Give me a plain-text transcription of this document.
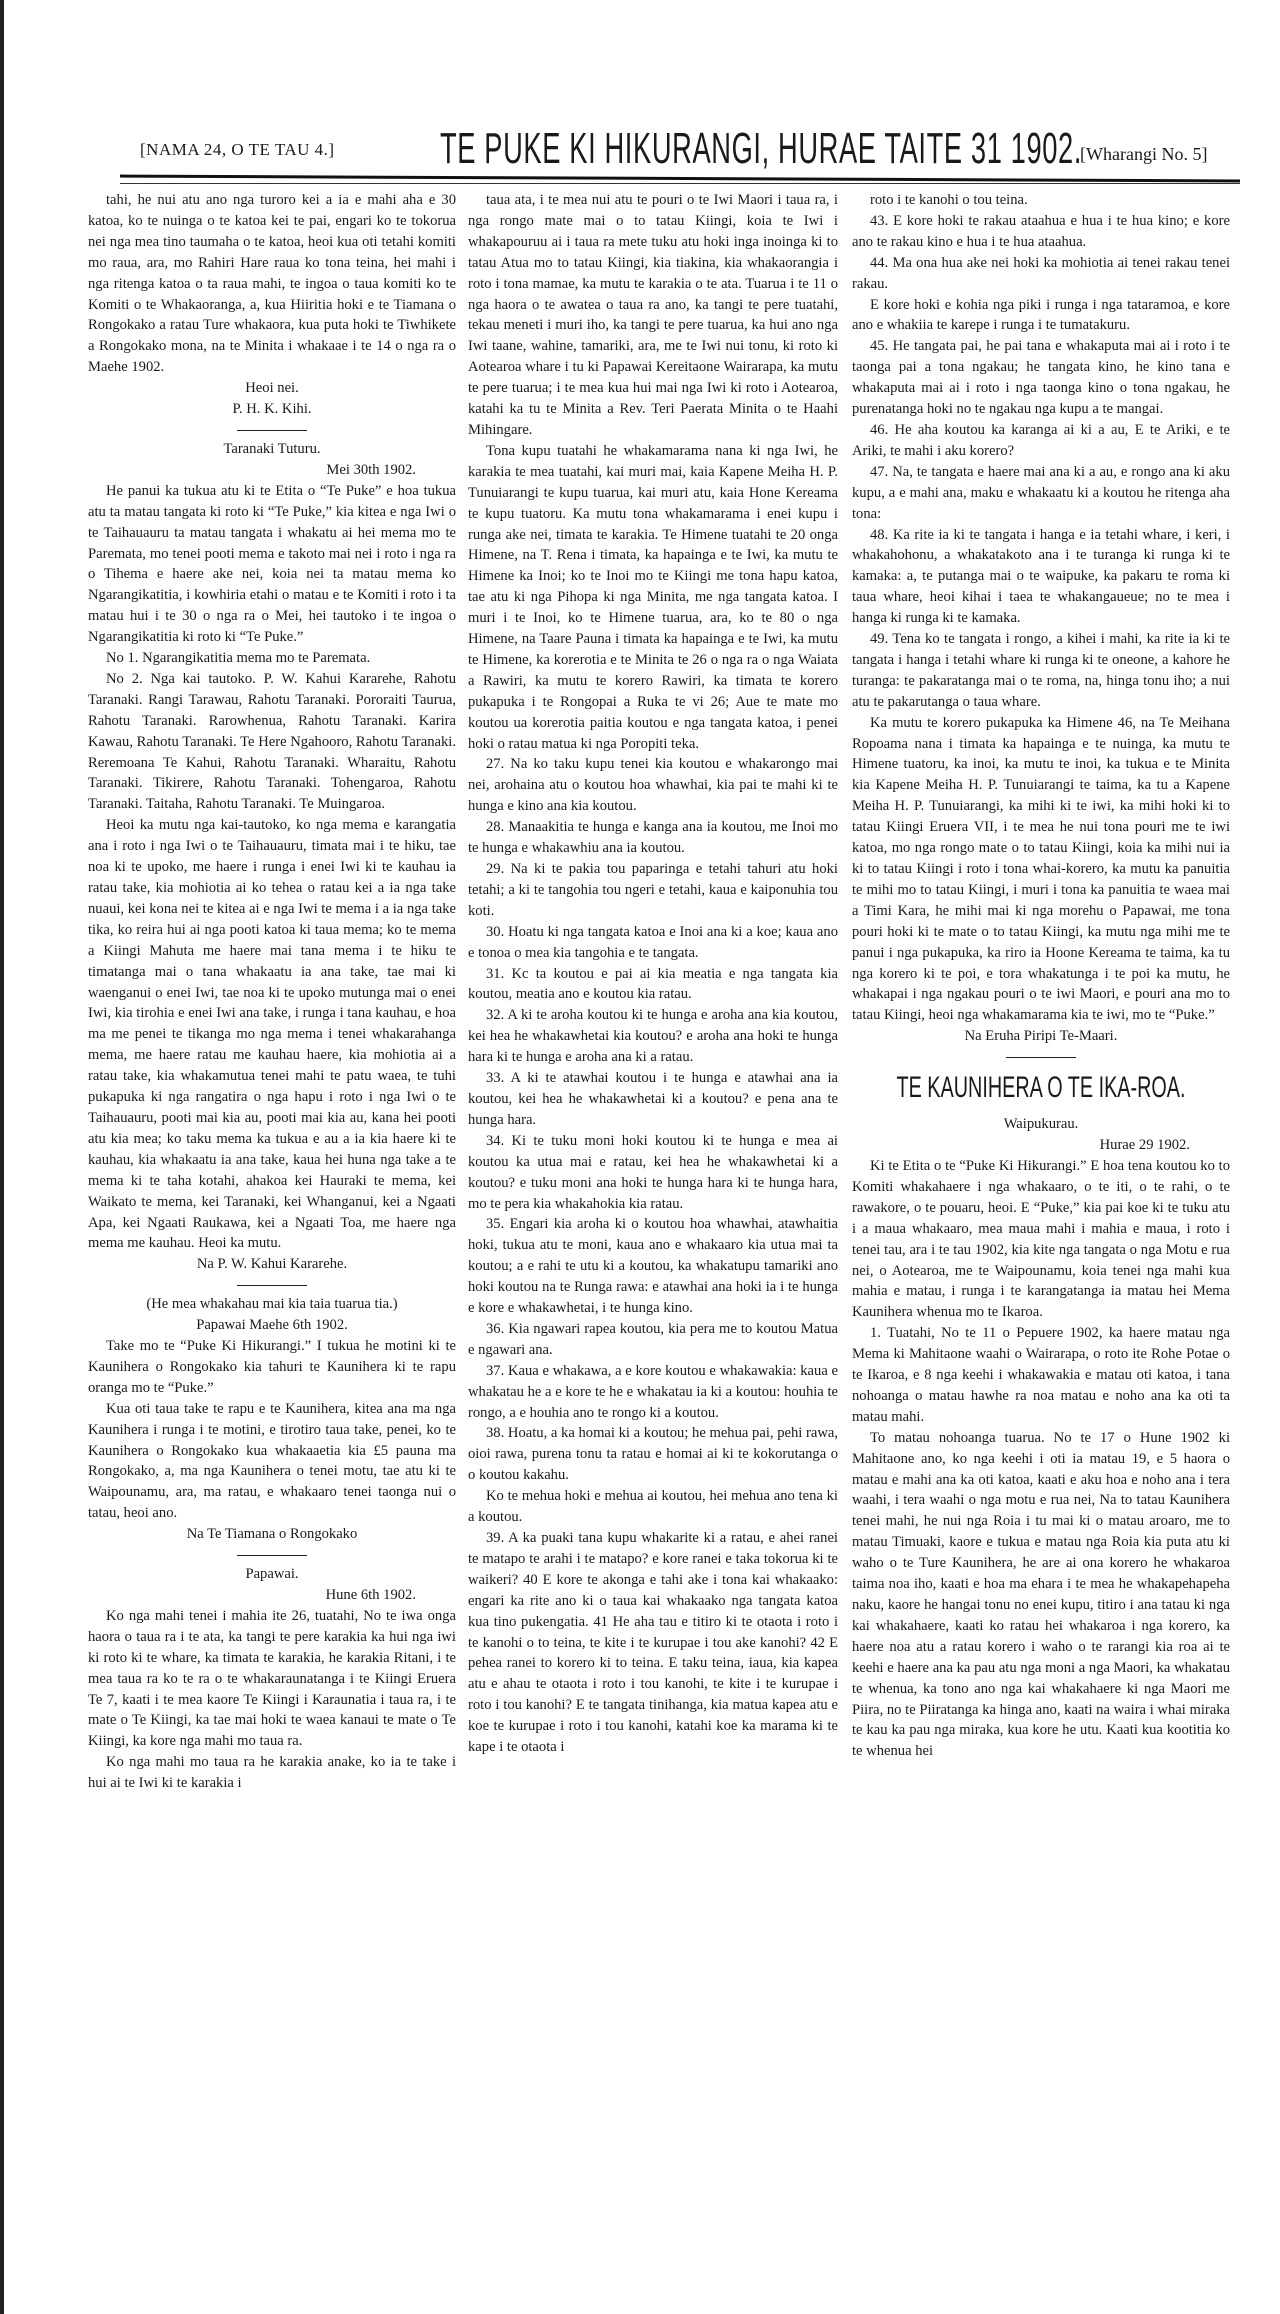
[NAMA 24, O TE TAU 4.] TE PUKE KI HIKURANGI, HURAE TAITE 31 1902.
[Wharangi No. 5]

tahi, he nui atu ano nga turoro kei a ia e mahi aha e 30 katoa, ko te nuinga o te katoa kei te pai, engari ko te tokorua nei nga mea tino taumaha o te katoa, heoi kua oti tetahi komiti mo raua, ara, mo Rahiri Hare raua ko tona teina, hei mahi i nga ritenga katoa o ta raua mahi, te ingoa o taua komiti ko te Komiti o te Whakaoranga, a, kua Hiiritia hoki e te Tiamana o Rongokako a ratau Ture whakaora, kua puta hoki te Tiwhikete a Rongokako mona, na te Minita i whakaae i te 14 o nga ra o Maehe 1902.

Heoi nei.

P. H. K. Kihi.

Taranaki Tuturu.

Mei 30th 1902.

He panui ka tukua atu ki te Etita o “Te Puke” e hoa tukua atu ta matau tangata ki roto ki “Te Puke,” kia kitea e nga Iwi o te Taihauauru ta matau tangata i whakatu ai hei mema mo te Paremata, mo tenei pooti mema e takoto mai nei i roto i nga ra o Tihema e haere ake nei, koia nei ta matau mema ko Ngarangikatitia, i kowhiria etahi o matau e te Komiti i roto i ta matau hui i te 30 o nga ra o Mei, hei tautoko i te ingoa o Ngarangikatitia ki roto ki “Te Puke.”

No 1. Ngarangikatitia mema mo te Paremata.

No 2. Nga kai tautoko. P. W. Kahui Kararehe, Rahotu Taranaki. Rangi Tarawau, Rahotu Taranaki. Pororaiti Taurua, Rahotu Taranaki. Rarowhenua, Rahotu Taranaki. Karira Kawau, Rahotu Taranaki. Te Here Ngahooro, Rahotu Taranaki. Reremoana Te Kahui, Rahotu Taranaki. Wharaitu, Rahotu Taranaki. Tikirere, Rahotu Taranaki. Tohengaroa, Rahotu Taranaki. Taitaha, Rahotu Taranaki. Te Muingaroa.

Heoi ka mutu nga kai-tautoko, ko nga mema e karangatia ana i roto i nga Iwi o te Taihauauru, timata mai i te hiku, tae noa ki te upoko, me haere i runga i enei Iwi ki te kauhau ia ratau take, kia mohiotia ai ko tehea o ratau kei a ia nga take nuaui, kei kona nei te kitea ai e nga Iwi te mema i a ia nga take tika, ko reira hui ai nga pooti katoa ki taua mema; ko te mema a Kiingi Mahuta me haere mai tana mema i te hiku te timatanga mai o tana whakaatu ia ana take, tae mai ki waenganui o enei Iwi, tae noa ki te upoko mutunga mai o enei Iwi, kia tirohia e enei Iwi ana take, i runga i tana kauhau, e hoa ma me penei te tikanga mo nga mema i tenei whakarahanga mema, me haere ratau me kauhau haere, kia mohiotia ai a ratau take, kia whakamutua tenei mahi te patu waea, te tuhi pukapuka ki nga rangatira o nga hapu i roto i nga Iwi o te Taihauauru, pooti mai kia au, pooti mai kia au, kana hei pooti atu kia mea; ko taku mema ka tukua e au a ia kia haere ki te kauhau, kia whakaatu ia ana take, kaua hei huna nga take a te mema ki te taha kotahi, ahakoa kei Hauraki te mema, kei Waikato te mema, kei Taranaki, kei Whanganui, kei a Ngaati Apa, kei Ngaati Raukawa, kei a Ngaati Toa, me haere nga mema me kauhau. Heoi ka mutu.

Na P. W. Kahui Kararehe.

(He mea whakahau mai kia taia tuarua tia.)

Papawai Maehe 6th 1902.

Take mo te “Puke Ki Hikurangi.” I tukua he motini ki te Kaunihera o Rongokako kia tahuri te Kaunihera ki te rapu oranga mo te “Puke.”

Kua oti taua take te rapu e te Kaunihera, kitea ana ma nga Kaunihera i runga i te motini, e tirotiro taua take, penei, ko te Kaunihera o Rongokako kua whakaaetia kia £5 pauna ma Rongokako, a, ma nga Kaunihera o tenei motu, tae atu ki te Waipounamu, ara, ma ratau, e whakaaro tenei taonga nui o tatau, heoi ano.

Na Te Tiamana o Rongokako

Papawai.

Hune 6th 1902.

Ko nga mahi tenei i mahia ite 26, tuatahi, No te iwa onga haora o taua ra i te ata, ka tangi te pere karakia ka hui nga iwi ki roto ki te whare, ka timata te karakia, he karakia Ritani, i te mea taua ra ko te ra o te whakaraunatanga i te Kiingi Eruera Te 7, kaati i te mea kaore Te Kiingi i Karaunatia i taua ra, i te mate o Te Kiingi, ka tae mai hoki te waea kanaui te mate o Te Kiingi, ka kore nga mahi mo taua ra.

Ko nga mahi mo taua ra he karakia anake, ko ia te take i hui ai te Iwi ki te karakia i

taua ata, i te mea nui atu te pouri o te Iwi Maori i taua ra, i nga rongo mate mai o to tatau Kiingi, koia te Iwi i whakapouruu ai i taua ra mete tuku atu hoki inga inoinga ki to tatau Atua mo to tatau Kiingi, kia tiakina, kia whakaorangia i roto i tona mamae, ka mutu te karakia o te ata. Tuarua i te 11 o nga haora o te awatea o taua ra ano, ka tangi te pere tuatahi, tekau meneti i muri iho, ka tangi te pere tuarua, ka hui ano nga Iwi taane, wahine, tamariki, ara, me te Iwi nui tonu, ki roto ki Aotearoa whare i tu ki Papawai Kereitaone Wairarapa, ka mutu te pere tuarua; i te mea kua hui mai nga Iwi ki roto i Aotearoa, katahi ka tu te Minita a Rev. Teri Paerata Minita o te Haahi Mihingare.

Tona kupu tuatahi he whakamarama nana ki nga Iwi, he karakia te mea tuatahi, kai muri mai, kaia Kapene Meiha H. P. Tunuiarangi te kupu tuarua, kai muri atu, kaia Hone Kereama te kupu tuatoru. Ka mutu tona whakamarama i enei kupu i runga ake nei, timata te karakia. Te Himene tuatahi te 20 onga Himene, na T. Rena i timata, ka hapainga e te Iwi, ka mutu te Himene ka Inoi; ko te Inoi mo te Kiingi me tona hapu katoa, tae atu ki nga Pihopa ki nga Minita, me nga tangata katoa. I muri i te Inoi, ko te Himene tuarua, ara, ko te 80 o nga Himene, na Taare Pauna i timata ka hapainga e te Iwi, ka mutu te Himene, ka korerotia e te Minita te 26 o nga ra o nga Waiata a Rawiri, ka mutu te korero Rawiri, ka timata te korero pukapuka i te Rongopai a Ruka te vi 26; Aue te mate mo koutou ua korerotia paitia koutou e nga tangata katoa, i penei hoki o ratau matua ki nga Poropiti teka.

27. Na ko taku kupu tenei kia koutou e whakarongo mai nei, arohaina atu o koutou hoa whawhai, kia pai te mahi ki te hunga e kino ana kia koutou.

28. Manaakitia te hunga e kanga ana ia koutou, me Inoi mo te hunga e whakawhiu ana ia koutou.

29. Na ki te pakia tou paparinga e tetahi tahuri atu hoki tetahi; a ki te tangohia tou ngeri e tetahi, kaua e kaiponuhia tou koti.

30. Hoatu ki nga tangata katoa e Inoi ana ki a koe; kaua ano e tonoa o mea kia tangohia e te tangata.

31. Kc ta koutou e pai ai kia meatia e nga tangata kia koutou, meatia ano e koutou kia ratau.

32. A ki te aroha koutou ki te hunga e aroha ana kia koutou, kei hea he whakawhetai kia koutou? e aroha ana hoki te hunga hara ki te hunga e aroha ana ki a ratau.

33. A ki te atawhai koutou i te hunga e atawhai ana ia koutou, kei hea he whakawhetai ki a koutou? e pena ana te hunga hara.

34. Ki te tuku moni hoki koutou ki te hunga e mea ai koutou ka utua mai e ratau, kei hea he whakawhetai ki a koutou? e tuku moni ana hoki te hunga hara ki te hunga hara, mo te pera kia whakahokia kia ratau.

35. Engari kia aroha ki o koutou hoa whawhai, atawhaitia hoki, tukua atu te moni, kaua ano e whakaaro kia utua mai ta koutou; a e rahi te utu ki a koutou, ka whakatupu tamariki ano hoki koutou na te Runga rawa: e atawhai ana hoki ia i te hunga e kore e whakawhetai, i te hunga kino.

36. Kia ngawari rapea koutou, kia pera me to koutou Matua e ngawari ana.

37. Kaua e whakawa, a e kore koutou e whakawakia: kaua e whakatau he a e kore te he e whakatau ia ki a koutou: houhia te rongo, a e houhia ano te rongo ki a koutou.

38. Hoatu, a ka homai ki a koutou; he mehua pai, pehi rawa, oioi rawa, purena tonu ta ratau e homai ai ki te kokorutanga o o koutou kakahu.

Ko te mehua hoki e mehua ai koutou, hei mehua ano tena ki a koutou.

39. A ka puaki tana kupu whakarite ki a ratau, e ahei ranei te matapo te arahi i te matapo? e kore ranei e taka tokorua ki te waikeri? 40 E kore te akonga e tahi ake i tona kai whakaako: engari ka rite ano ki o taua kai whakaako nga tangata katoa kua tino pukengatia. 41 He aha tau e titiro ki te otaota i roto i te kanohi o to teina, te kite i te kurupae i tou ake kanohi? 42 E pehea ranei to korero ki to teina. E taku teina, iaua, kia kapea atu e ahau te otaota i roto i tou kanohi, te kite i te kurupae i roto i tou kanohi? E te tangata tinihanga, kia matua kapea atu e koe te kurupae i roto i tou kanohi, katahi koe ka marama ki te kape i te otaota i

roto i te kanohi o tou teina.

43. E kore hoki te rakau ataahua e hua i te hua kino; e kore ano te rakau kino e hua i te hua ataahua.

44. Ma ona hua ake nei hoki ka mohiotia ai tenei rakau tenei rakau.

E kore hoki e kohia nga piki i runga i nga tataramoa, e kore ano e whakiia te karepe i runga i te tumatakuru.

45. He tangata pai, he pai tana e whakaputa mai ai i roto i te taonga pai a tona ngakau; he tangata kino, he kino tana e whakaputa mai ai i roto i nga taonga kino o tona ngakau, he purenatanga hoki no te ngakau nga kupu a te mangai.

46. He aha koutou ka karanga ai ki a au, E te Ariki, e te Ariki, te mahi i aku korero?

47. Na, te tangata e haere mai ana ki a au, e rongo ana ki aku kupu, a e mahi ana, maku e whakaatu ki a koutou he ritenga aha tona:

48. Ka rite ia ki te tangata i hanga e ia tetahi whare, i keri, i whakahohonu, a whakatakoto ana i te turanga ki runga ki te kamaka: a, te putanga mai o te waipuke, ka pakaru te roma ki taua whare, heoi kihai i taea te whakangaueue; no te mea i hanga ki runga ki te kamaka.

49. Tena ko te tangata i rongo, a kihei i mahi, ka rite ia ki te tangata i hanga i tetahi whare ki runga ki te oneone, a kahore he turanga: te pakaratanga mai o te roma, na, hinga tonu iho; a nui atu te pakarutanga o taua whare.

Ka mutu te korero pukapuka ka Himene 46, na Te Meihana Ropoama nana i timata ka hapainga e te nuinga, ka mutu te Himene tuatoru, ka inoi, ka mutu te inoi, ka tukua e te Minita kia Kapene Meiha H. P. Tunuiarangi te taima, ka tu a Kapene Meiha H. P. Tunuiarangi, ka mihi ki te iwi, ka mihi hoki ki to tatau Kiingi Eruera VII, i te mea he nui tona pouri me te iwi katoa, mo nga rongo mate o to tatau Kiingi, koia ka mihi nui ia ki to tatau Kiingi i roto i tona whai-korero, ka mutu ka panuitia te mihi mo to tatau Kiingi, i muri i tona ka panuitia te waea mai a Timi Kara, he mihi mai ki nga morehu o Papawai, me tona pouri hoki ki te mate o to tatau Kiingi, ka mutu nga mihi me te panui i nga pukapuka, ka riro ia Hoone Kereama te taima, ka tu nga korero ki te poi, e tora whakatunga i te poi ka mutu, he whakapai i nga ngakau pouri o te iwi Maori, e pouri ana mo to tatau Kiingi, heoi nga whakamarama kia te iwi, mo te “Puke.”

Na Eruha Piripi Te-Maari.

TE KAUNIHERA O TE IKA-ROA.

Waipukurau.

Hurae 29 1902.

Ki te Etita o te “Puke Ki Hikurangi.” E hoa tena koutou ko to Komiti whakahaere i nga whakaaro, o te iti, o te rahi, o te rawakore, o te pouaru, heoi. E “Puke,” kia pai koe ki te tuku atu i a maua whakaaro, mea maua mahi i mahia e maua, i roto i tenei tau, ara i te tau 1902, kia kite nga tangata o nga Motu e rua nei, o Aotearoa, me te Waipounamu, koia tenei nga mahi kua mahia e matau, i runga i te karangatanga ia matau hei Mema Kaunihera whenua mo te Ikaroa.

1. Tuatahi, No te 11 o Pepuere 1902, ka haere matau nga Mema ki Mahitaone waahi o Wairarapa, o roto ite Rohe Potae o te Ikaroa, e 8 nga keehi i whakawakia e matau oti katoa, i tana nohoanga o matau hawhe ra noa matau e noho ana ka oti ta matau mahi.

To matau nohoanga tuarua. No te 17 o Hune 1902 ki Mahitaone ano, ko nga keehi i oti ia matau 19, e 5 haora o matau e mahi ana ka oti katoa, kaati e aku hoa e noho ana i tera waahi, i tera waahi o nga motu e rua nei, Na to tatau Kaunihera tenei mahi, he nui nga Roia i tu mai ki o matau aroaro, me to matau Timuaki, kaore e tukua e matau nga Roia kia puta atu ki waho o te Ture Kaunihera, he are ai ona korero he whakaroa taima noa iho, kaati e hoa ma ehara i te mea he whakapehapeha naku, kaore he hangai tonu no enei kupu, titiro i ana tatau ki nga kai whakahaere, kaati ko ratau hei whakaroa i nga korero, ka haere noa atu a ratau korero i waho o te rarangi kia roa ai te keehi e haere ana ka pau atu nga moni a nga Maori, ka whakatau te whenua, ka tono ano nga kai whakahaere ki nga Maori me Piira, no te Piiratanga ka hinga ano, kaati na waira i whai miraka te kau ka pau nga miraka, kua kore he utu. Kaati kua kootitia ko te whenua hei
